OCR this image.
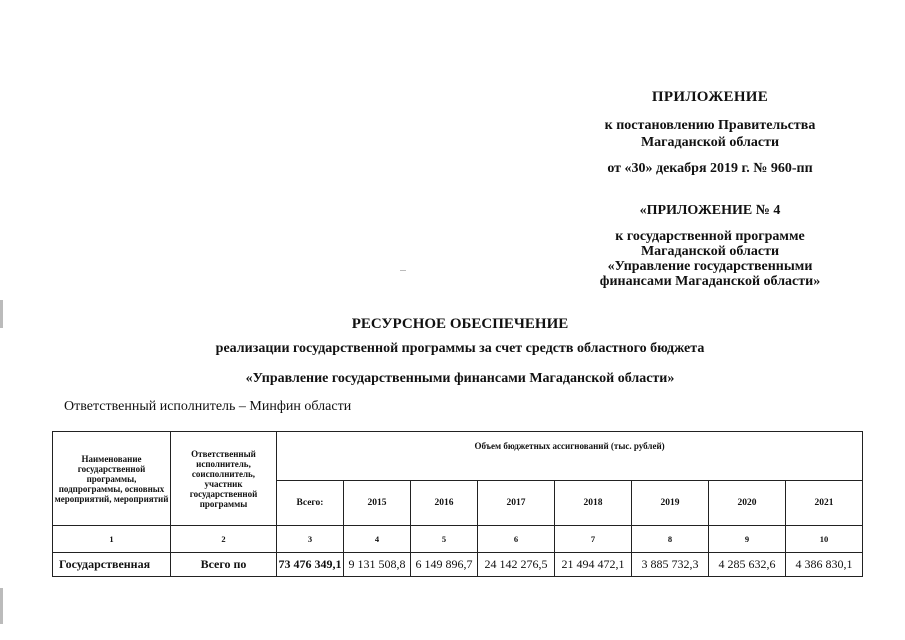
ПРИЛОЖЕНИЕ
к постановлению Правительства
Магаданской области
от «30» декабря 2019 г. № 960-пп
«ПРИЛОЖЕНИЕ № 4
к государственной программе
Магаданской области
«Управление государственными
финансами Магаданской области»
РЕСУРСНОЕ ОБЕСПЕЧЕНИЕ
реализации государственной программы за счет средств областного бюджета
«Управление государственными финансами Магаданской области»
Ответственный исполнитель – Минфин области
Наименование государственной программы, подпрограммы, основных мероприятий, мероприятий	Ответственный исполнитель, соисполнитель, участник государственной программы	Объем бюджетных ассигнований (тыс. рублей)							
		Всего:	2015	2016	2017	2018	2019	2020	2021
1	2	3	4	5	6	7	8	9	10
Государственная	Всего по	73 476 349,1	9 131 508,8	6 149 896,7	24 142 276,5	21 494 472,1	3 885 732,3	4 285 632,6	4 386 830,1
